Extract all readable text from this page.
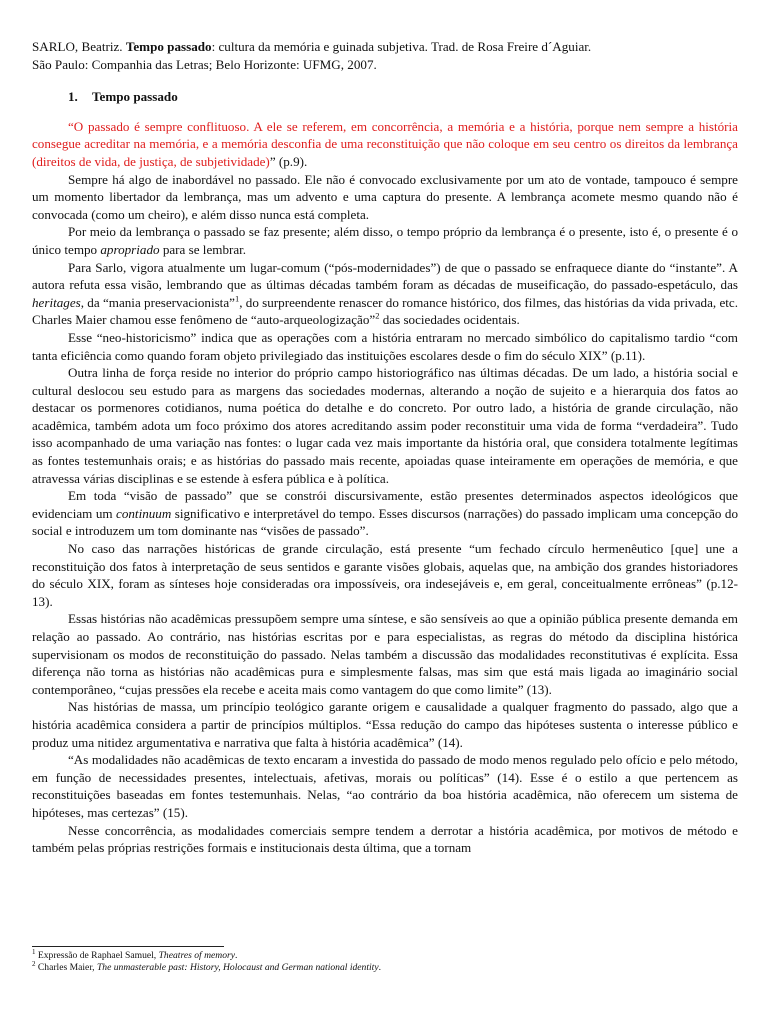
SARLO, Beatriz. Tempo passado: cultura da memória e guinada subjetiva. Trad. de Rosa Freire d´Aguiar.
São Paulo: Companhia das Letras; Belo Horizonte: UFMG, 2007.
1. Tempo passado

“O passado é sempre conflituoso. A ele se referem, em concorrência, a memória e a história, porque nem sempre a história consegue acreditar na memória, e a memória desconfia de uma reconstituição que não coloque em seu centro os direitos da lembrança (direitos de vida, de justiça, de subjetividade)” (p.9).

Sempre há algo de inabordável no passado. Ele não é convocado exclusivamente por um ato de vontade, tampouco é sempre um momento libertador da lembrança, mas um advento e uma captura do presente. A lembrança acomete mesmo quando não é convocada (como um cheiro), e além disso nunca está completa.

Por meio da lembrança o passado se faz presente; além disso, o tempo próprio da lembrança é o presente, isto é, o presente é o único tempo apropriado para se lembrar.

Para Sarlo, vigora atualmente um lugar-comum (“pós-modernidades”) de que o passado se enfraquece diante do “instante”. A autora refuta essa visão, lembrando que as últimas décadas também foram as décadas de museificação, do passado-espetáculo, das heritages, da “mania preservacionista”$^1$, do surpreendente renascer do romance histórico, dos filmes, das histórias da vida privada, etc. Charles Maier chamou esse fenômeno de “auto-arqueologização”$^2$ das sociedades ocidentais.

Esse “neo-historicismo” indica que as operações com a história entraram no mercado simbólico do capitalismo tardio “com tanta eficiência como quando foram objeto privilegiado das instituições escolares desde o fim do século XIX” (p.11).

Outra linha de força reside no interior do próprio campo historiográfico nas últimas décadas. De um lado, a história social e cultural deslocou seu estudo para as margens das sociedades modernas, alterando a noção de sujeito e a hierarquia dos fatos ao destacar os pormenores cotidianos, numa poética do detalhe e do concreto. Por outro lado, a história de grande circulação, não acadêmica, também adota um foco próximo dos atores acreditando assim poder reconstituir uma vida de forma “verdadeira”. Tudo isso acompanhado de uma variação nas fontes: o lugar cada vez mais importante da história oral, que considera totalmente legítimas as fontes testemunhais orais; e as histórias do passado mais recente, apoiadas quase inteiramente em operações de memória, e que atravessa várias disciplinas e se estende à esfera pública e à política.

Em toda “visão de passado” que se constrói discursivamente, estão presentes determinados aspectos ideológicos que evidenciam um continuum significativo e interpretável do tempo. Esses discursos (narrações) do passado implicam uma concepção do social e introduzem um tom dominante nas “visões de passado”.

No caso das narrações históricas de grande circulação, está presente “um fechado círculo hermenêutico [que] une a reconstituição dos fatos à interpretação de seus sentidos e garante visões globais, aquelas que, na ambição dos grandes historiadores do século XIX, foram as sínteses hoje consideradas ora impossíveis, ora indesejáveis e, em geral, conceitualmente errôneas” (p.12-13).

Essas histórias não acadêmicas pressupõem sempre uma síntese, e são sensíveis ao que a opinião pública presente demanda em relação ao passado. Ao contrário, nas histórias escritas por e para especialistas, as regras do método da disciplina histórica supervisionam os modos de reconstituição do passado. Nelas também a discussão das modalidades reconstitutivas é explícita. Essa diferença não torna as histórias não acadêmicas pura e simplesmente falsas, mas sim que está mais ligada ao imaginário social contemporâneo, “cujas pressões ela recebe e aceita mais como vantagem do que como limite” (13).

Nas histórias de massa, um princípio teológico garante origem e causalidade a qualquer fragmento do passado, algo que a história acadêmica considera a partir de princípios múltiplos. “Essa redução do campo das hipóteses sustenta o interesse público e produz uma nitidez argumentativa e narrativa que falta à história acadêmica” (14).

“As modalidades não acadêmicas de texto encaram a investida do passado de modo menos regulado pelo ofício e pelo método, em função de necessidades presentes, intelectuais, afetivas, morais ou políticas” (14). Esse é o estilo a que pertencem as reconstituições baseadas em fontes testemunhais. Nelas, “ao contrário da boa história acadêmica, não oferecem um sistema de hipóteses, mas certezas” (15).

Nesse concorrência, as modalidades comerciais sempre tendem a derrotar a história acadêmica, por motivos de método e também pelas próprias restrições formais e institucionais desta última, que a tornam

$^1$ Expressão de Raphael Samuel, Theatres of memory.
$^2$ Charles Maier, The unmasterable past: History, Holocaust and German national identity.
